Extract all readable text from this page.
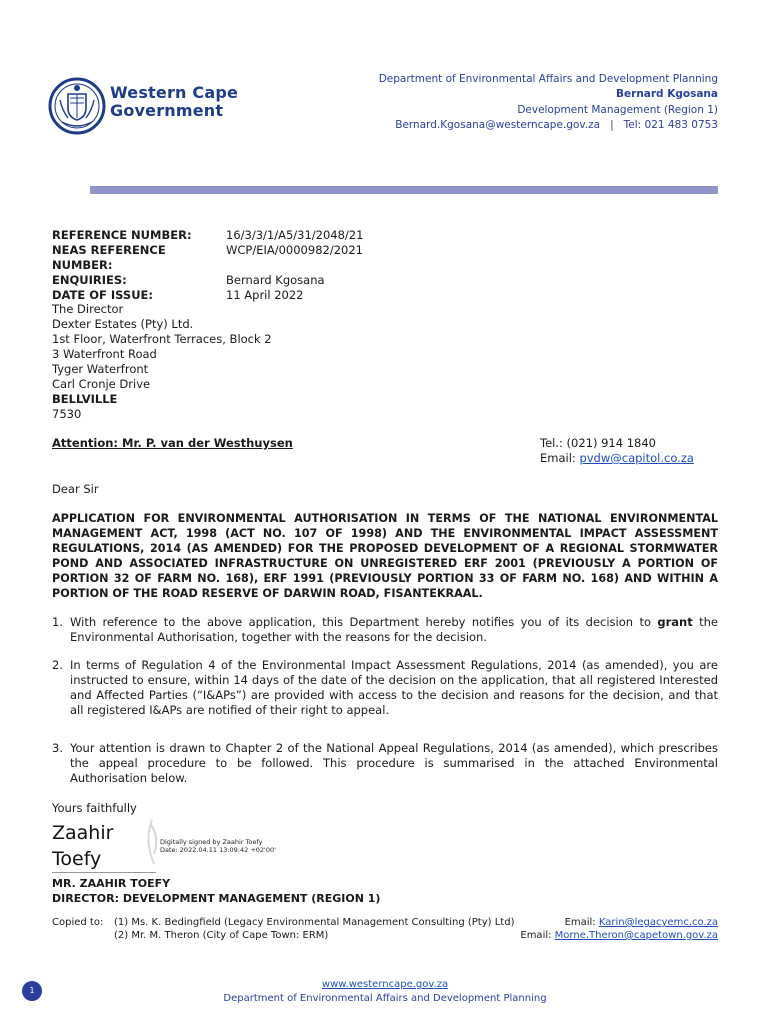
Western Cape
Government
Department of Environmental Affairs and Development Planning
Bernard Kgosana
Development Management (Region 1)
Bernard.Kgosana@westerncape.gov.za | Tel: 021 483 0753
REFERENCE NUMBER:	16/3/3/1/A5/31/2048/21
NEAS REFERENCE NUMBER:
WCP/EIA/0000982/2021
ENQUIRIES:	Bernard Kgosana
DATE OF ISSUE:	11 April 2022
The Director
Dexter Estates (Pty) Ltd.
1st Floor, Waterfront Terraces, Block 2
3 Waterfront Road
Tyger Waterfront
Carl Cronje Drive
BELLVILLE
7530
Attention: Mr. P. van der Westhuysen	Tel.: (021) 914 1840
Email: pvdw@capitol.co.za
Dear Sir
APPLICATION FOR ENVIRONMENTAL AUTHORISATION IN TERMS OF THE NATIONAL ENVIRONMENTAL MANAGEMENT ACT, 1998 (ACT NO. 107 OF 1998) AND THE ENVIRONMENTAL IMPACT ASSESSMENT REGULATIONS, 2014 (AS AMENDED) FOR THE PROPOSED DEVELOPMENT OF A REGIONAL STORMWATER POND AND ASSOCIATED INFRASTRUCTURE ON UNREGISTERED ERF 2001 (PREVIOUSLY A PORTION OF PORTION 32 OF FARM NO. 168), ERF 1991 (PREVIOUSLY PORTION 33 OF FARM NO. 168) AND WITHIN A PORTION OF THE ROAD RESERVE OF DARWIN ROAD, FISANTEKRAAL.
1. With reference to the above application, this Department hereby notifies you of its decision to grant the Environmental Authorisation, together with the reasons for the decision.
2. In terms of Regulation 4 of the Environmental Impact Assessment Regulations, 2014 (as amended), you are instructed to ensure, within 14 days of the date of the decision on the application, that all registered Interested and Affected Parties (“I&APs”) are provided with access to the decision and reasons for the decision, and that all registered I&APs are notified of their right to appeal.
3. Your attention is drawn to Chapter 2 of the National Appeal Regulations, 2014 (as amended), which prescribes the appeal procedure to be followed. This procedure is summarised in the attached Environmental Authorisation below.
Yours faithfully
Zaahir
Toefy
Digitally signed by Zaahir Toefy
Date: 2022.04.11 13:09:42 +02'00'
MR. ZAAHIR TOEFY
DIRECTOR: DEVELOPMENT MANAGEMENT (REGION 1)
Copied to:	(1) Ms. K. Bedingfield (Legacy Environmental Management Consulting (Pty) Ltd)	Email: Karin@legacyemc.co.za
(2) Mr. M. Theron (City of Cape Town: ERM)	Email: Morne.Theron@capetown.gov.za
1
www.westerncape.gov.za
Department of Environmental Affairs and Development Planning
